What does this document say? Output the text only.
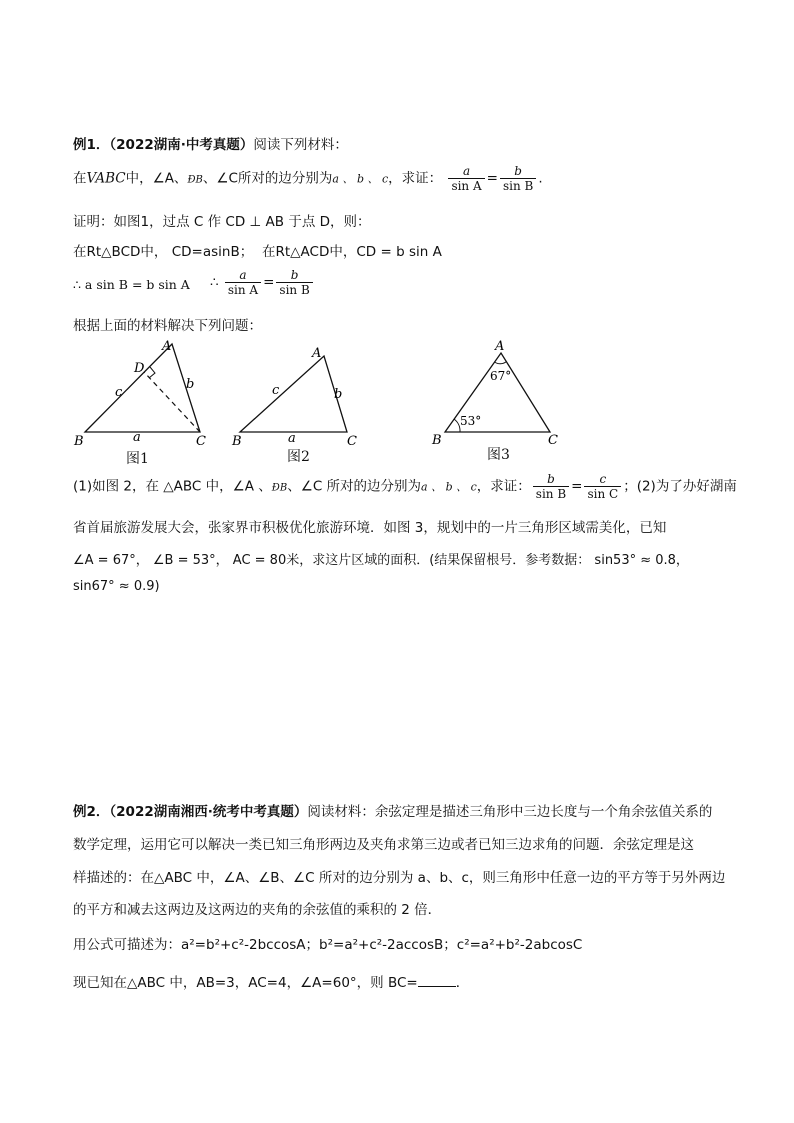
例1．（2022湖南·中考真题）阅读下列材料：
在VABC中，∠A、ÐB、∠C所对的边分别为a 、 b 、 c，求证： $\frac{a}{\text{sin A}} = \frac{b}{\text{sin B}}$ .
证明：如图1，过点 C 作 CD ⊥ AB 于点 D，则：
在Rt△BCD中， CD=asinB； 在Rt△ACD中，CD = b sin A
∴ a sin B = b sin A ∴ $\frac{a}{\text{sin A}} = \frac{b}{\text{sin B}}$
根据上面的材料解决下列问题：
A
D
B	C
c
b
a
A
B	C
c	b
a
A
B	C
67°
53°
图1	图2	图3
(1)如图 2，在 △ABC 中，∠A 、ÐB、∠C 所对的边分别为a 、 b 、 c，求证： $\frac{b}{\text{sin B}} = \frac{c}{\text{sin C}}$ ；(2)为了办好湖南
省首届旅游发展大会，张家界市积极优化旅游环境．如图 3，规划中的一片三角形区域需美化，已知
∠A = 67°， ∠B = 53°， AC = 80米，求这片区域的面积．(结果保留根号．参考数据： sin53° ≈ 0.8，
sin67° ≈ 0.9)
例2．（2022湖南湘西·统考中考真题）阅读材料：余弦定理是描述三角形中三边长度与一个角余弦值关系的
数学定理，运用它可以解决一类已知三角形两边及夹角求第三边或者已知三边求角的问题．余弦定理是这
样描述的：在△ABC 中，∠A、∠B、∠C 所对的边分别为 a、b、c，则三角形中任意一边的平方等于另外两边
的平方和减去这两边及这两边的夹角的余弦值的乘积的 2 倍．
用公式可描述为：a²=b²+c²-2bccosA；b²=a²+c²-2accosB；c²=a²+b²-2abcosC
现已知在△ABC 中，AB=3，AC=4，∠A=60°，则 BC=	．
